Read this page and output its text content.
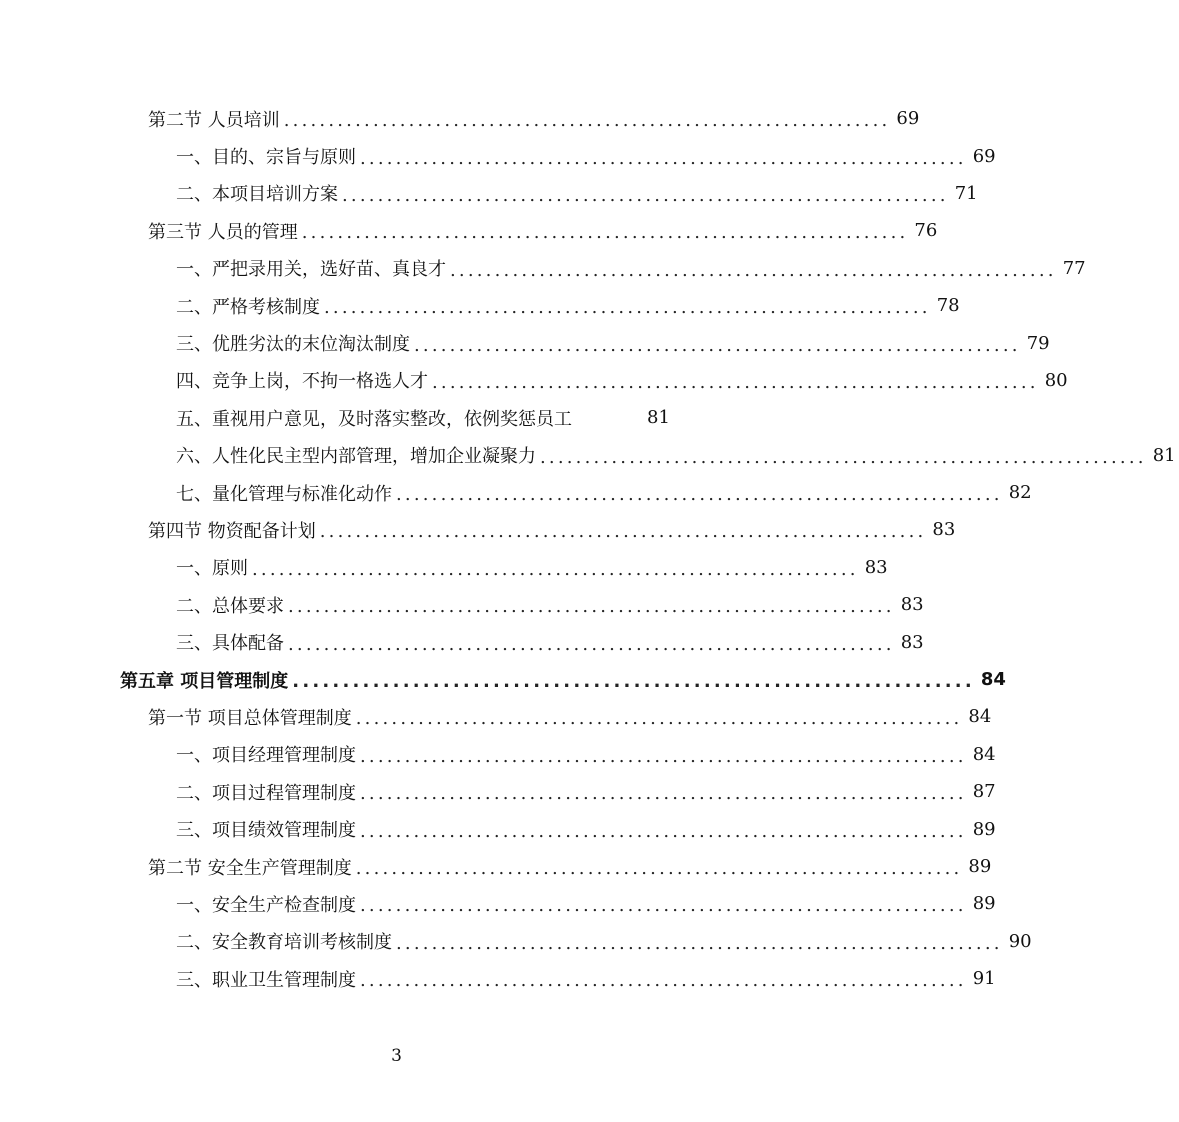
第二节 人员培训 .................................................................... 69
一、目的、宗旨与原则 .................................................................... 69
二、本项目培训方案 .................................................................... 71
第三节 人员的管理 .................................................................... 76
一、严把录用关，选好苗、真良才 .................................................................... 77
二、严格考核制度 .................................................................... 78
三、优胜劣汰的末位淘汰制度 .................................................................... 79
四、竞争上岗，不拘一格选人才 .................................................................... 80
五、重视用户意见，及时落实整改，依例奖惩员工	81
六、人性化民主型内部管理，增加企业凝聚力 .................................................................... 81
七、量化管理与标准化动作 .................................................................... 82
第四节 物资配备计划 .................................................................... 83
一、原则 .................................................................... 83
二、总体要求 .................................................................... 83
三、具体配备 .................................................................... 83
第五章 项目管理制度 .................................................................... 84
第一节 项目总体管理制度 .................................................................... 84
一、项目经理管理制度 .................................................................... 84
二、项目过程管理制度 .................................................................... 87
三、项目绩效管理制度 .................................................................... 89
第二节 安全生产管理制度 .................................................................... 89
一、安全生产检查制度 .................................................................... 89
二、安全教育培训考核制度 .................................................................... 90
三、职业卫生管理制度 .................................................................... 91
3
